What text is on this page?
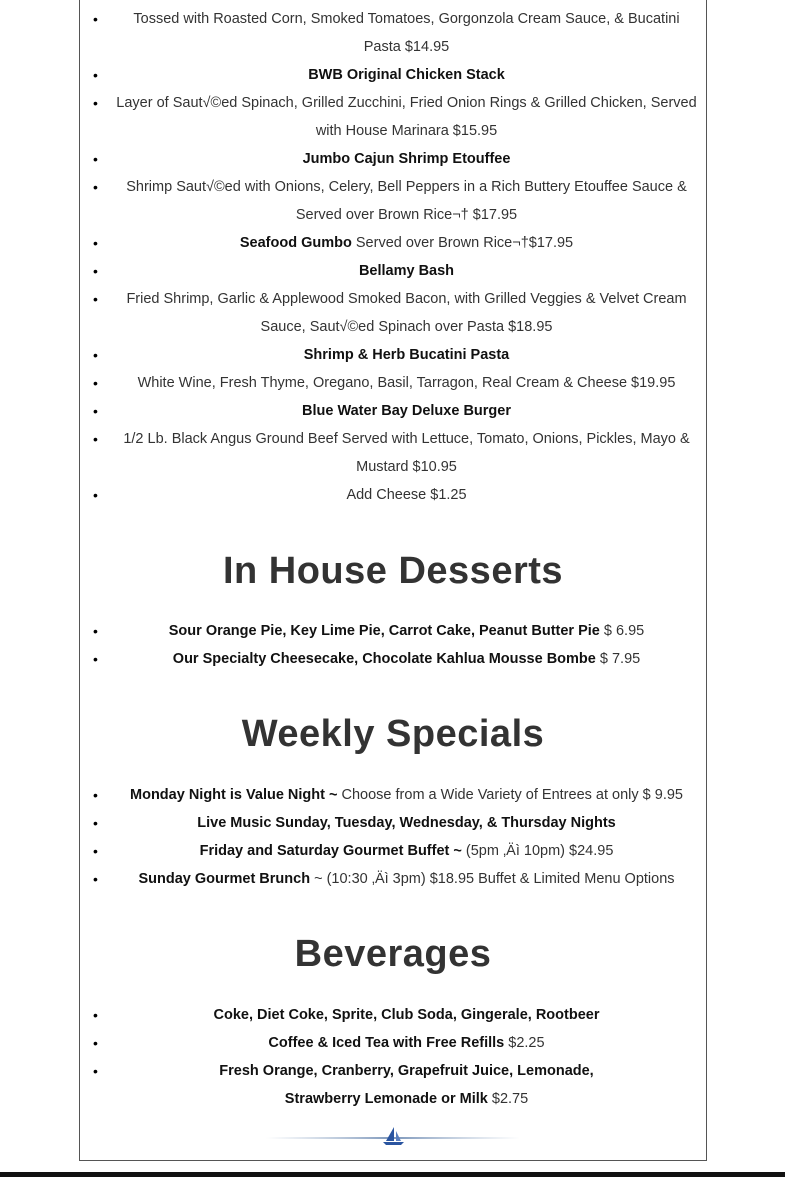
• Tossed with Roasted Corn, Smoked Tomatoes, Gorgonzola Cream Sauce, & Bucatini Pasta $14.95
• BWB Original Chicken Stack
• Layer of Saut√©ed Spinach, Grilled Zucchini, Fried Onion Rings & Grilled Chicken, Served with House Marinara $15.95
• Jumbo Cajun Shrimp Etouffee
• Shrimp Saut√©ed with Onions, Celery, Bell Peppers in a Rich Buttery Etouffee Sauce & Served over Brown Rice¬† $17.95
• Seafood Gumbo Served over Brown Rice¬†$17.95
• Bellamy Bash
• Fried Shrimp, Garlic & Applewood Smoked Bacon, with Grilled Veggies & Velvet Cream Sauce, Saut√©ed Spinach over Pasta $18.95
• Shrimp & Herb Bucatini Pasta
• White Wine, Fresh Thyme, Oregano, Basil, Tarragon, Real Cream & Cheese $19.95
• Blue Water Bay Deluxe Burger
• 1/2 Lb. Black Angus Ground Beef Served with Lettuce, Tomato, Onions, Pickles, Mayo & Mustard $10.95
• Add Cheese $1.25
In House Desserts
• Sour Orange Pie, Key Lime Pie, Carrot Cake, Peanut Butter Pie $ 6.95
• Our Specialty Cheesecake, Chocolate Kahlua Mousse Bombe $ 7.95
Weekly Specials
• Monday Night is Value Night ~ Choose from a Wide Variety of Entrees at only $ 9.95
• Live Music Sunday, Tuesday, Wednesday, & Thursday Nights
• Friday and Saturday Gourmet Buffet ~ (5pm ‚Äì 10pm) $24.95
• Sunday Gourmet Brunch ~ (10:30 ‚Äì 3pm) $18.95 Buffet & Limited Menu Options
Beverages
• Coke, Diet Coke, Sprite, Club Soda, Gingerale, Rootbeer
• Coffee & Iced Tea with Free Refills $2.25
• Fresh Orange, Cranberry, Grapefruit Juice, Lemonade, Strawberry Lemonade or Milk $2.75
